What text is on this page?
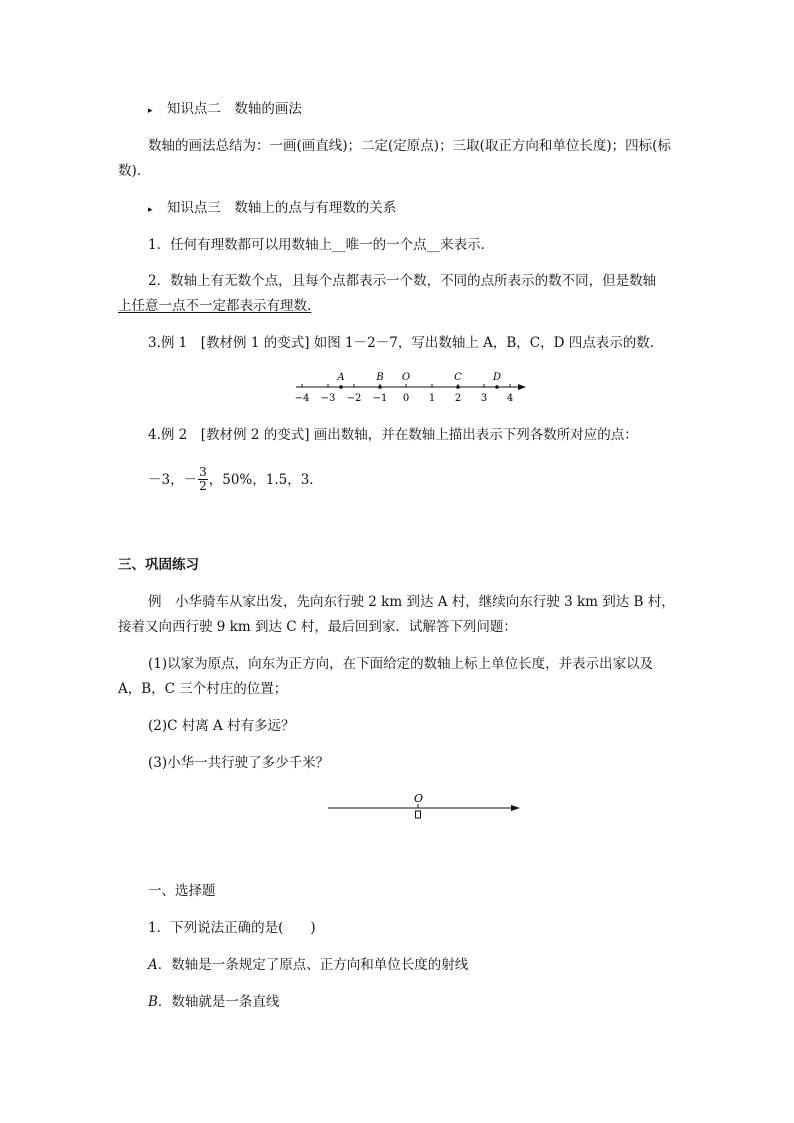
▸ 知识点二　数轴的画法
数轴的画法总结为：一画(画直线)；二定(定原点)；三取(取正方向和单位长度)；四标(标
数)．
▸ 知识点三　数轴上的点与有理数的关系
1．任何有理数都可以用数轴上__唯一的一个点__来表示．
2．数轴上有无数个点，且每个点都表示一个数，不同的点所表示的数不同，但是数轴
上任意一点不一定都表示有理数.
3.例 1　[教材例 1 的变式] 如图 1－2－7，写出数轴上 A，B，C，D 四点表示的数．
−4 −3 −2 −1 0 1 2 3 4
A	B O	C	D
4.例 2　[教材例 2 的变式] 画出数轴，并在数轴上描出表示下列各数所对应的点：
－3，－ $\frac{3}{2}$ ，50%，1.5，3.
三、巩固练习
例　小华骑车从家出发，先向东行驶 2 km 到达 A 村，继续向东行驶 3 km 到达 B 村，
接着又向西行驶 9 km 到达 C 村，最后回到家．试解答下列问题：
(1)以家为原点，向东为正方向，在下面给定的数轴上标上单位长度，并表示出家以及
A，B，C 三个村庄的位置；
(2)C 村离 A 村有多远？
(3)小华一共行驶了多少千米？
O
一、选择题
1．下列说法正确的是(　　)
A．数轴是一条规定了原点、正方向和单位长度的射线
B．数轴就是一条直线
